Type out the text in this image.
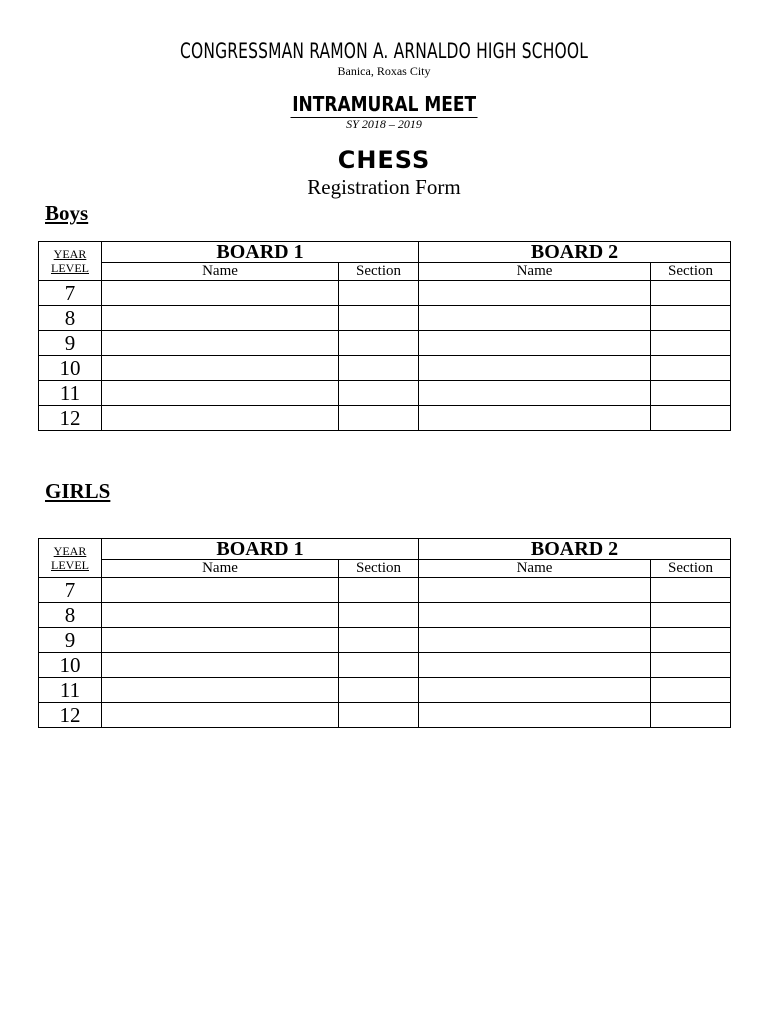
CONGRESSMAN RAMON A. ARNALDO HIGH SCHOOL
Banica, Roxas City
INTRAMURAL MEET
SY 2018 – 2019
CHESS
Registration Form
Boys
YEAR
LEVEL	BOARD 1		BOARD 2	
	Name	Section	Name	Section
7				
8				
9				
10				
11				
12				
GIRLS
YEAR
LEVEL	BOARD 1		BOARD 2	
	Name	Section	Name	Section
7				
8				
9				
10				
11				
12				
